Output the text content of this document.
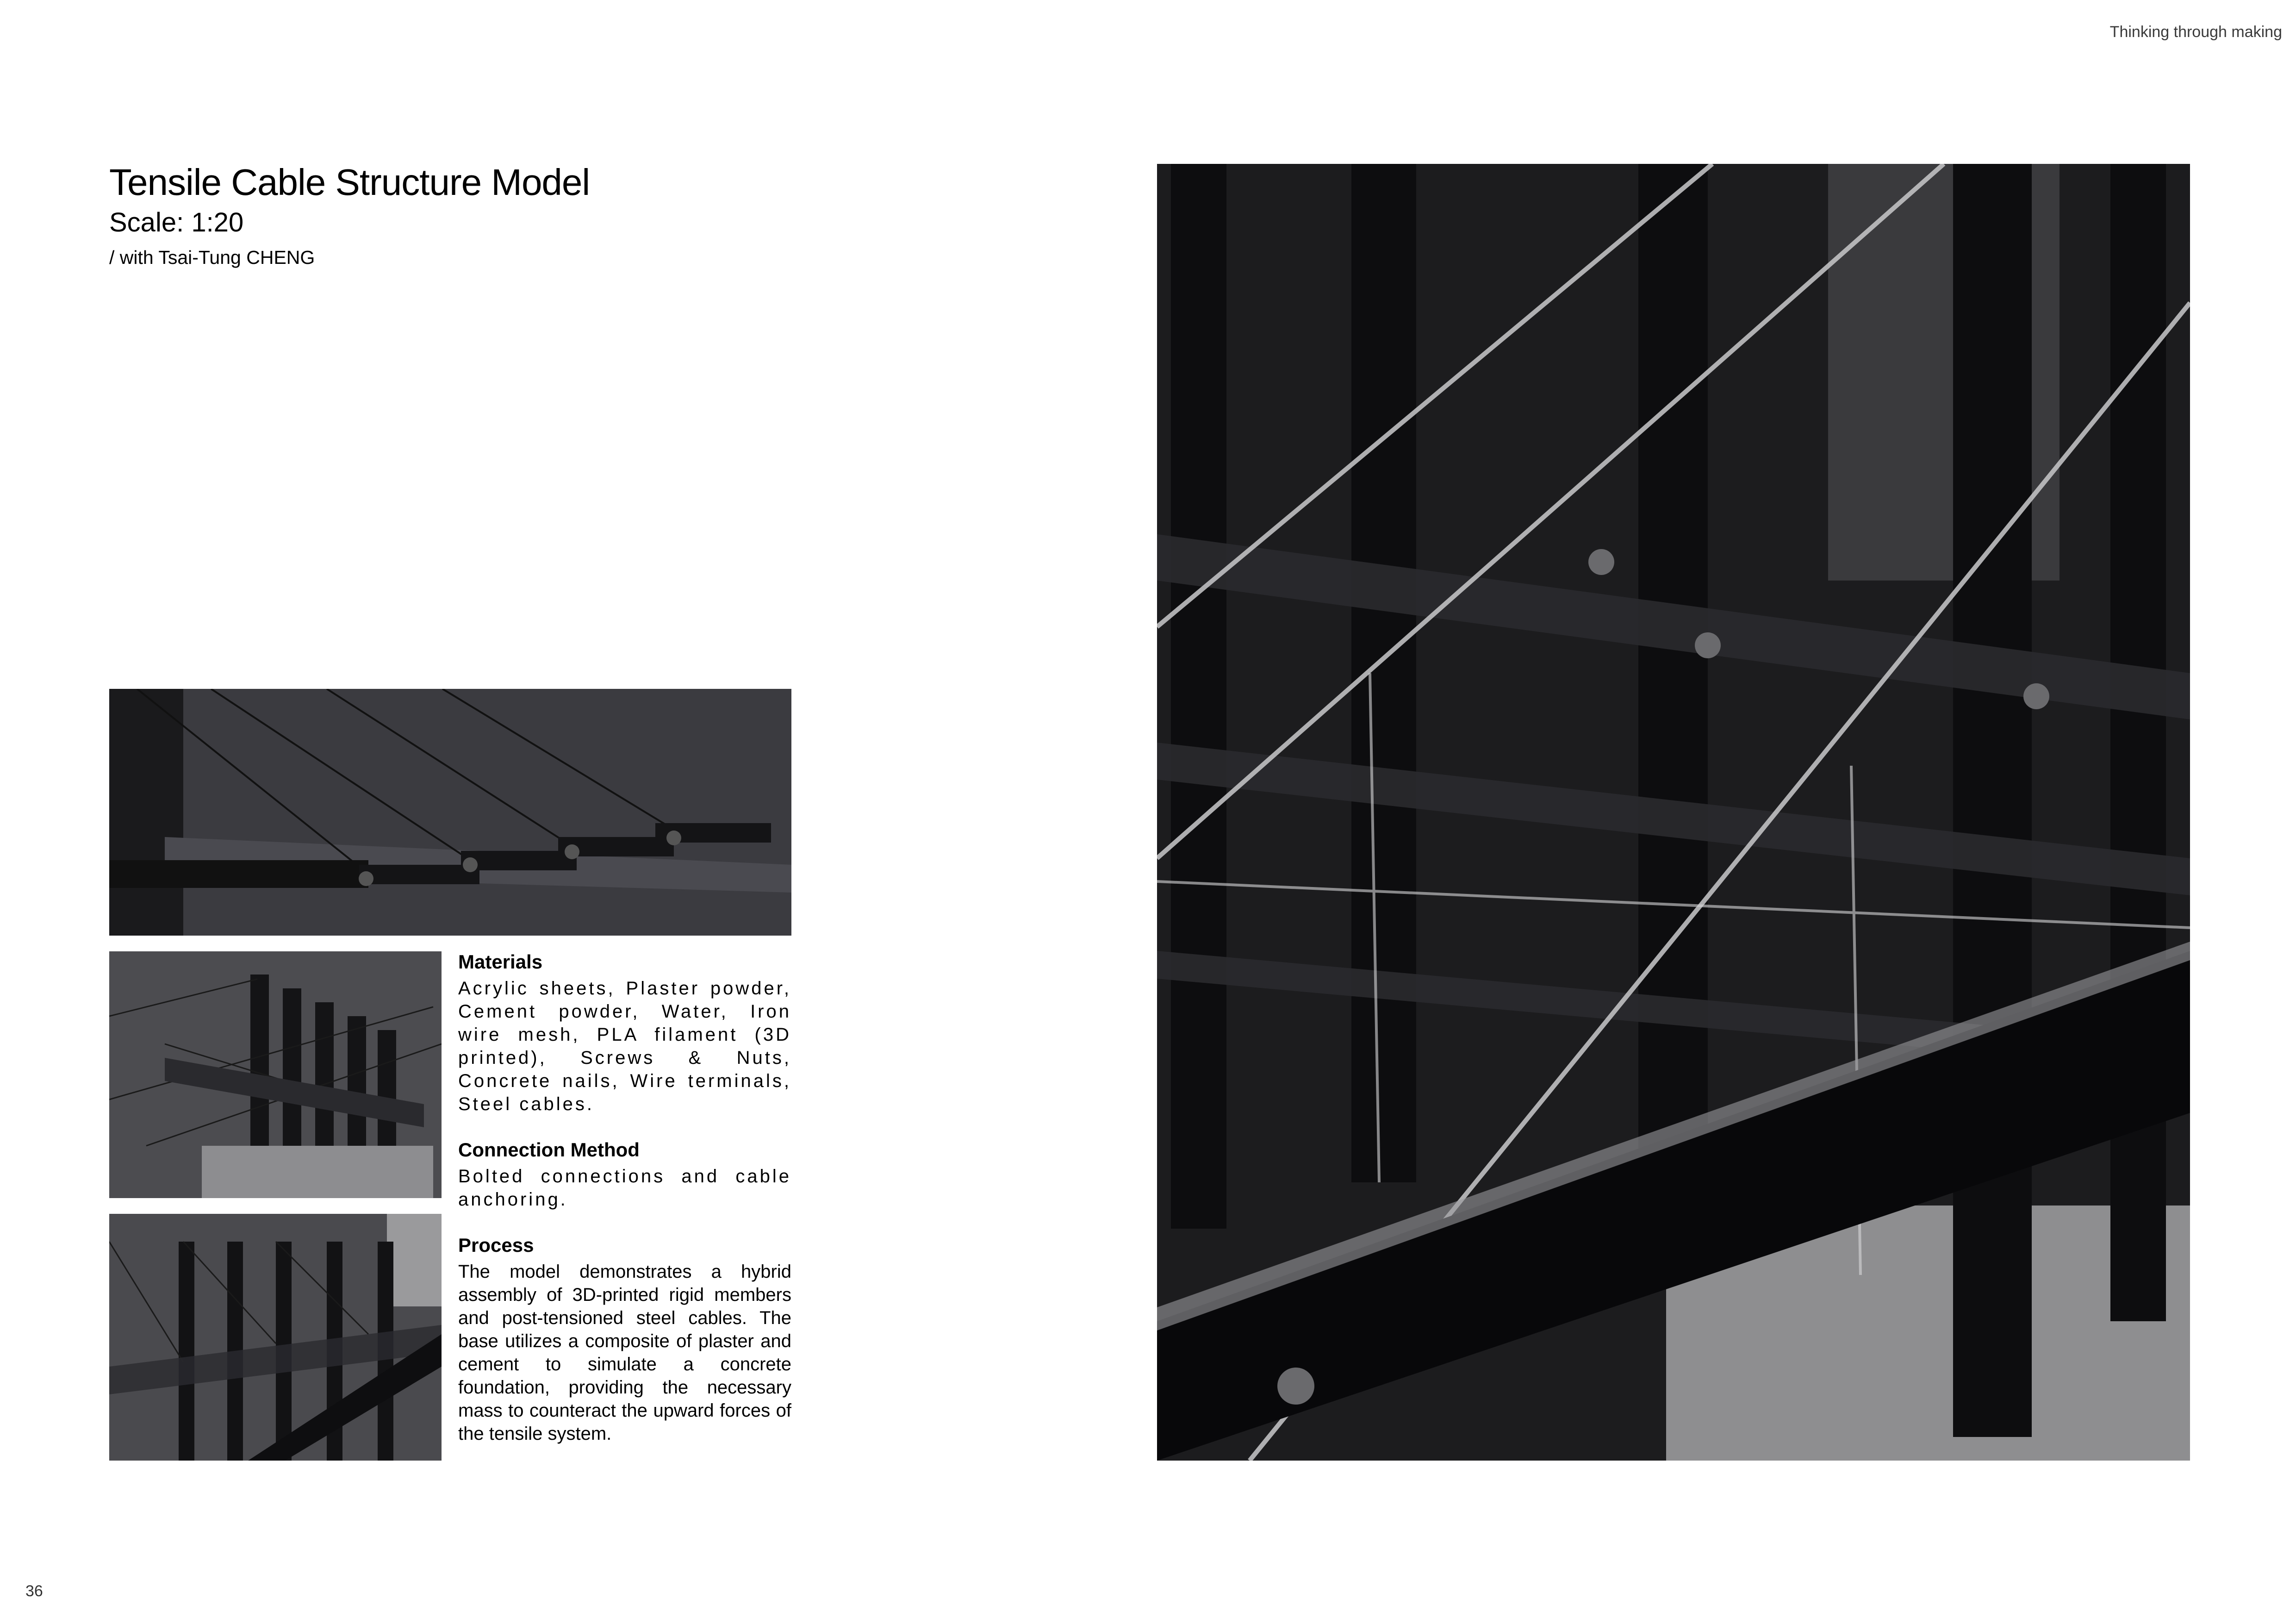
Thinking through making
Tensile Cable Structure Model
Scale: 1:20
/ with Tsai-Tung CHENG
Materials

Acrylic sheets, Plaster powder, Cement powder, Water, Iron wire mesh, PLA filament (3D printed), Screws & Nuts, Concrete nails, Wire terminals, Steel cables.

Connection Method

Bolted connections and cable anchoring.

Process

The model demonstrates a hybrid assembly of 3D-printed rigid members and post-tensioned steel cables. The base utilizes a composite of plaster and cement to simulate a concrete foundation, providing the necessary mass to counteract the upward forces of the tensile system.

36
